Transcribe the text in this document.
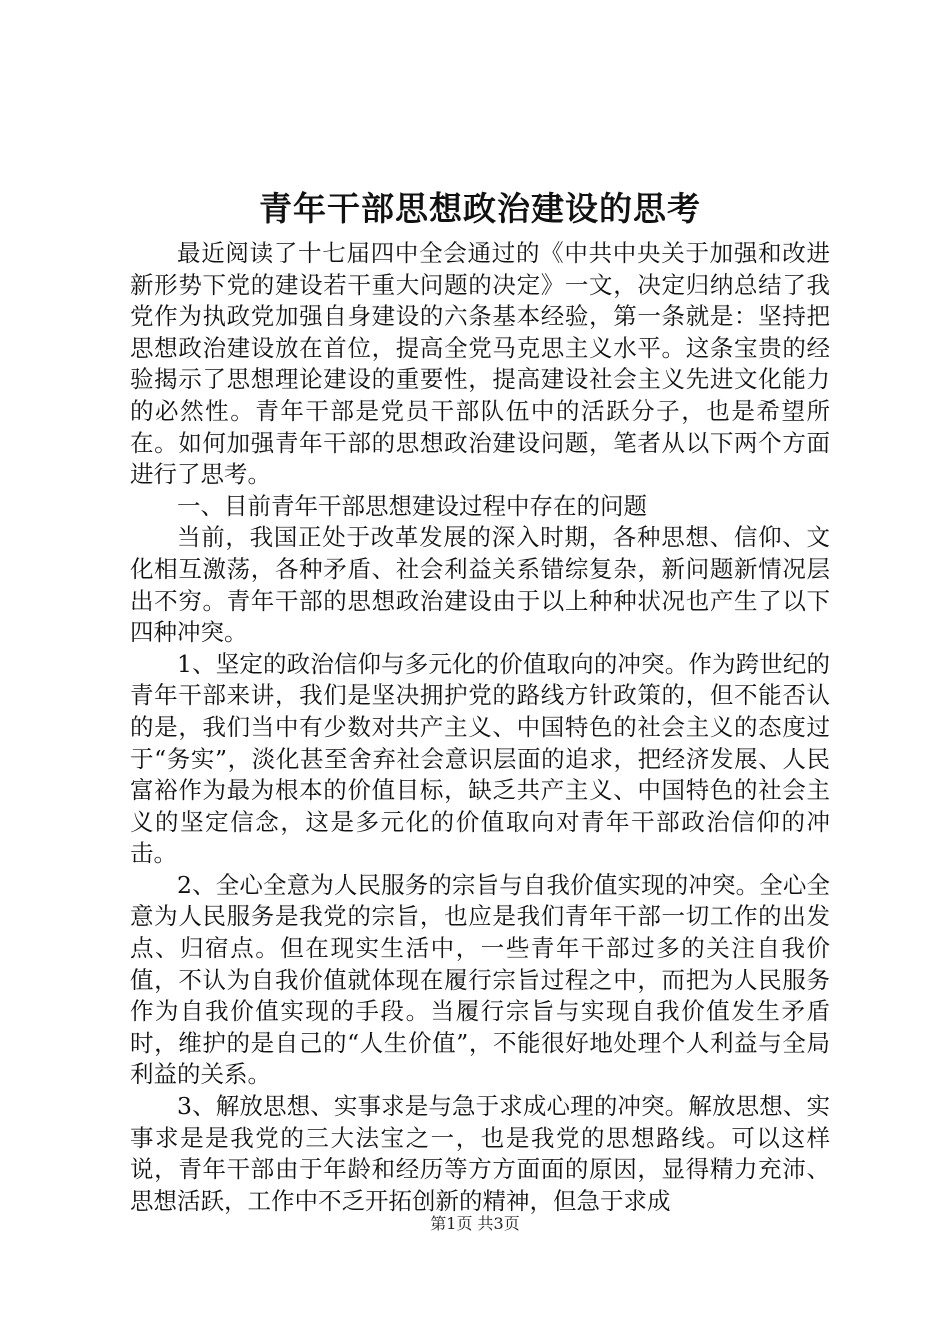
青年干部思想政治建设的思考

最近阅读了十七届四中全会通过的《中共中央关于加强和改进新形势下党的建设若干重大问题的决定》一文，决定归纳总结了我党作为执政党加强自身建设的六条基本经验，第一条就是：坚持把思想政治建设放在首位，提高全党马克思主义水平。这条宝贵的经验揭示了思想理论建设的重要性，提高建设社会主义先进文化能力的必然性。青年干部是党员干部队伍中的活跃分子，也是希望所在。如何加强青年干部的思想政治建设问题，笔者从以下两个方面进行了思考。

一、目前青年干部思想建设过程中存在的问题

当前，我国正处于改革发展的深入时期，各种思想、信仰、文化相互激荡，各种矛盾、社会利益关系错综复杂，新问题新情况层出不穷。青年干部的思想政治建设由于以上种种状况也产生了以下四种冲突。

1、坚定的政治信仰与多元化的价值取向的冲突。作为跨世纪的青年干部来讲，我们是坚决拥护党的路线方针政策的，但不能否认的是，我们当中有少数对共产主义、中国特色的社会主义的态度过于“务实”，淡化甚至舍弃社会意识层面的追求，把经济发展、人民富裕作为最为根本的价值目标，缺乏共产主义、中国特色的社会主义的坚定信念，这是多元化的价值取向对青年干部政治信仰的冲击。

2、全心全意为人民服务的宗旨与自我价值实现的冲突。全心全意为人民服务是我党的宗旨，也应是我们青年干部一切工作的出发点、归宿点。但在现实生活中，一些青年干部过多的关注自我价值，不认为自我价值就体现在履行宗旨过程之中，而把为人民服务作为自我价值实现的手段。当履行宗旨与实现自我价值发生矛盾时，维护的是自己的“人生价值”，不能很好地处理个人利益与全局利益的关系。

3、解放思想、实事求是与急于求成心理的冲突。解放思想、实事求是是我党的三大法宝之一，也是我党的思想路线。可以这样说，青年干部由于年龄和经历等方方面面的原因，显得精力充沛、思想活跃，工作中不乏开拓创新的精神，但急于求成

第1页 共3页
